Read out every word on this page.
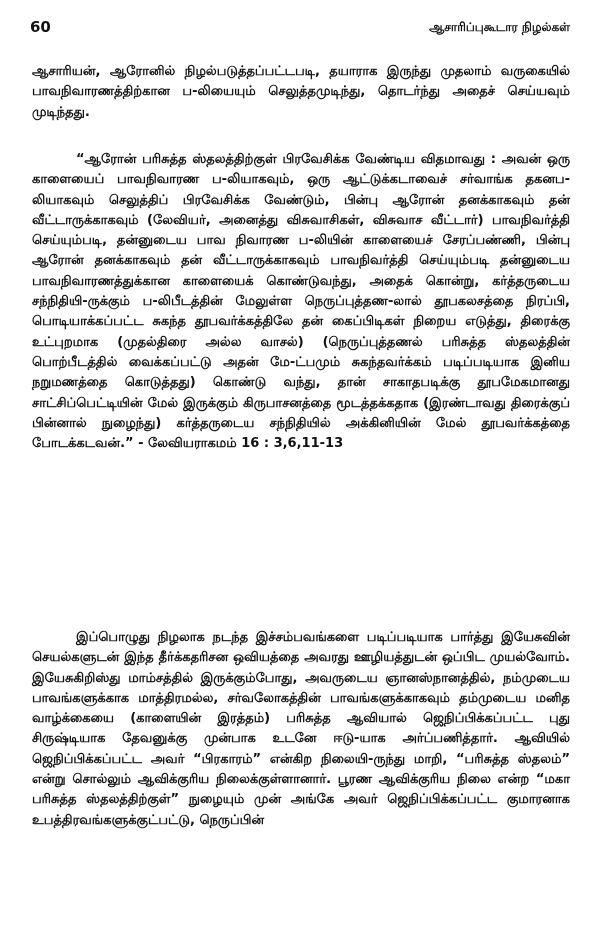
60	ஆசாரிப்புகூடார நிழல்கள்

ஆசாரியன், ஆரோனில் நிழல்படுத்தப்பட்டபடி, தயாராக இருந்து முதலாம் வருகையில் பாவநிவாரணத்திற்கான ப-லியையும் செலுத்தமுடிந்து, தொடர்ந்து அதைச் செய்யவும் முடிந்தது.

“ஆரோன் பரிசுத்த ஸ்தலத்திற்குள் பிரவேசிக்க வேண்டிய விதமாவது : அவன் ஒரு காளையைப் பாவநிவாரண ப-லியாகவும், ஒரு ஆட்டுக்கடாவைச் சர்வாங்க தகனப-லியாகவும் செலுத்திப் பிரவேசிக்க வேண்டும், பின்பு ஆரோன் தனக்காகவும் தன் வீட்டாருக்காகவும் (லேவியர், அனைத்து விசுவாசிகள், விசுவாச வீட்டார்) பாவநிவர்த்தி செய்யும்படி, தன்னுடைய பாவ நிவாரண ப-லியின் காளையைச் சேரப்பண்ணி, பின்பு ஆரோன் தனக்காகவும் தன் வீட்டாருக்காகவும் பாவநிவர்த்தி செய்யும்படி தன்னுடைய பாவநிவாரணத்துக்கான காளையைக் கொண்டுவந்து, அதைக் கொன்று, கர்த்தருடைய சந்நிதியி-ருக்கும் ப-லிபீடத்தின் மேலுள்ள நெருப்புத்தண-லால் தூபகலசத்தை நிரப்பி, பொடியாக்கப்பட்ட சுகந்த தூபவர்க்கத்திலே தன் கைப்பிடிகள் நிறைய எடுத்து, திரைக்கு உட்புறமாக (முதல்திரை அல்ல வாசல்) (நெருப்புத்தணல் பரிசுத்த ஸ்தலத்தின் பொற்பீடத்தில் வைக்கப்பட்டு அதன் மே-ட்பமும் சுகந்தவர்க்கம் படிப்படியாக இனிய நறுமணத்தை கொடுத்தது) கொண்டு வந்து, தான் சாகாதபடிக்கு தூபமேகமானது சாட்சிப்பெட்டியின் மேல் இருக்கும் கிருபாசனத்தை மூடத்தக்கதாக (இரண்டாவது திரைக்குப் பின்னால் நுழைந்து) கர்த்தருடைய சந்நிதியில் அக்கினியின் மேல் தூபவர்க்கத்தை போடக்கடவன்.” - லேவியராகமம் 16 : 3,6,11-13

இப்பொழுது நிழலாக நடந்த இச்சம்பவங்களை படிப்படியாக பார்த்து இயேசுவின் செயல்களுடன் இந்த தீர்க்கதரிசன ஒவியத்தை அவரது ஊழியத்துடன் ஒப்பிட முயல்வோம். இயேசுகிறிஸ்து மாம்சத்தில் இருக்கும்போது, அவருடைய ஞானஸ்நானத்தில், நம்முடைய பாவங்களுக்காக மாத்திரமல்ல, சர்வலோகத்தின் பாவங்களுக்காகவும் தம்முடைய மனித வாழ்க்கையை (காளையின் இரத்தம்) பரிசுத்த ஆவியால் ஜெநிப்பிக்கப்பட்ட புது சிருஷ்டியாக தேவனுக்கு முன்பாக உடனே ஈடு-யாக அர்ப்பணித்தார். ஆவியில் ஜெநிப்பிக்கப்பட்ட அவர் “பிரகாரம்” என்கிற நிலையி-ருந்து மாறி, “பரிசுத்த ஸ்தலம்” என்று சொல்லும் ஆவிக்குரிய நிலைக்குள்ளானார். பூரண ஆவிக்குரிய நிலை என்ற “மகா பரிசுத்த ஸ்தலத்திற்குள்” நுழையும் முன் அங்கே அவர் ஜெநிப்பிக்கப்பட்ட குமாரனாக உபத்திரவங்களுக்குட்பட்டு, நெருப்பின்
